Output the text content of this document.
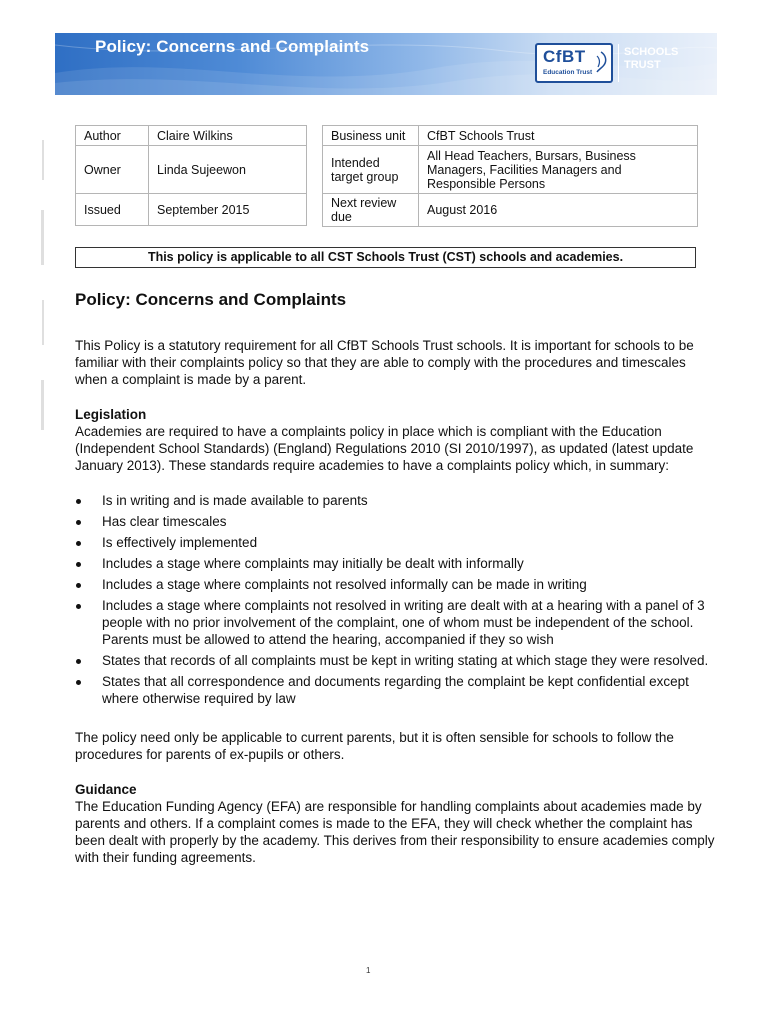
Policy: Concerns and Complaints
CfBT
Education Trust
SCHOOLS
TRUST
Author	Claire Wilkins
Owner	Linda Sujeewon
Issued	September 2015
Business unit	CfBT Schools Trust
Intended target group	All Head Teachers, Bursars, Business Managers, Facilities Managers and Responsible Persons
Next review due	August 2016
This policy is applicable to all CST Schools Trust (CST) schools and academies.
Policy: Concerns and Complaints

This Policy is a statutory requirement for all CfBT Schools Trust schools. It is important for schools to be familiar with their complaints policy so that they are able to comply with the procedures and timescales when a complaint is made by a parent.

Legislation

Academies are required to have a complaints policy in place which is compliant with the Education (Independent School Standards) (England) Regulations 2010 (SI 2010/1997), as updated (latest update January 2013). These standards require academies to have a complaints policy which, in summary:

Is in writing and is made available to parents
Has clear timescales
Is effectively implemented
Includes a stage where complaints may initially be dealt with informally
Includes a stage where complaints not resolved informally can be made in writing
Includes a stage where complaints not resolved in writing are dealt with at a hearing with a panel of 3 people with no prior involvement of the complaint, one of whom must be independent of the school. Parents must be allowed to attend the hearing, accompanied if they so wish
States that records of all complaints must be kept in writing stating at which stage they were resolved.
States that all correspondence and documents regarding the complaint be kept confidential except where otherwise required by law

The policy need only be applicable to current parents, but it is often sensible for schools to follow the procedures for parents of ex-pupils or others.

Guidance

The Education Funding Agency (EFA) are responsible for handling complaints about academies made by parents and others. If a complaint comes is made to the EFA, they will check whether the complaint has been dealt with properly by the academy. This derives from their responsibility to ensure academies comply with their funding agreements.

1
